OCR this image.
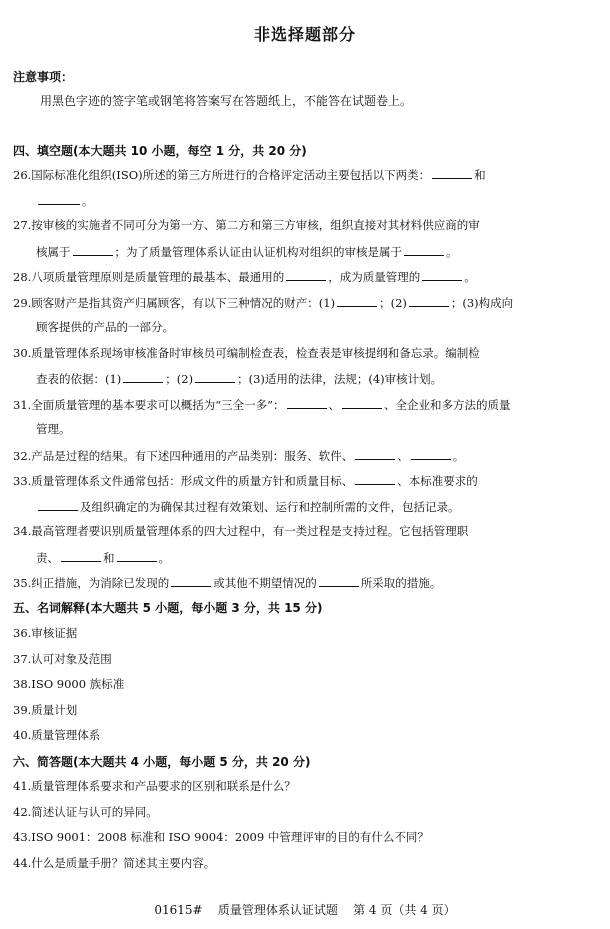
非选择题部分
注意事项：
用黑色字迹的签字笔或钢笔将答案写在答题纸上，不能答在试题卷上。
四、填空题(本大题共 10 小题，每空 1 分，共 20 分)
26.国际标准化组织(ISO)所述的第三方所进行的合格评定活动主要包括以下两类：	和
。
27.按审核的实施者不同可分为第一方、第二方和第三方审核，组织直接对其材料供应商的审
核属于	；为了质量管理体系认证由认证机构对组织的审核是属于	。
28.八项质量管理原则是质量管理的最基本、最通用的	，成为质量管理的	。
29.顾客财产是指其资产归属顾客，有以下三种情况的财产：(1)	；(2)	；(3)构成向
顾客提供的产品的一部分。
30.质量管理体系现场审核准备时审核员可编制检查表，检查表是审核提纲和备忘录。编制检
查表的依据：(1)	；(2)	；(3)适用的法律，法规；(4)审核计划。
31.全面质量管理的基本要求可以概括为“三全一多”：	、	、全企业和多方法的质量
管理。
32.产品是过程的结果。有下述四种通用的产品类别：服务、软件、	、	。
33.质量管理体系文件通常包括：形成文件的质量方针和质量目标、	、本标准要求的
及组织确定的为确保其过程有效策划、运行和控制所需的文件，包括记录。
34.最高管理者要识别质量管理体系的四大过程中，有一类过程是支持过程。它包括管理职
责、	和	。
35.纠正措施，为消除已发现的	或其他不期望情况的	所采取的措施。
五、名词解释(本大题共 5 小题，每小题 3 分，共 15 分)
36.审核证据
37.认可对象及范围
38.ISO 9000 族标准
39.质量计划
40.质量管理体系
六、简答题(本大题共 4 小题，每小题 5 分，共 20 分)
41.质量管理体系要求和产品要求的区别和联系是什么？
42.简述认证与认可的异同。
43.ISO 9001：2008 标准和 ISO 9004：2009 中管理评审的目的有什么不同？
44.什么是质量手册？简述其主要内容。
01615#    质量管理体系认证试题    第 4 页（共 4 页）
